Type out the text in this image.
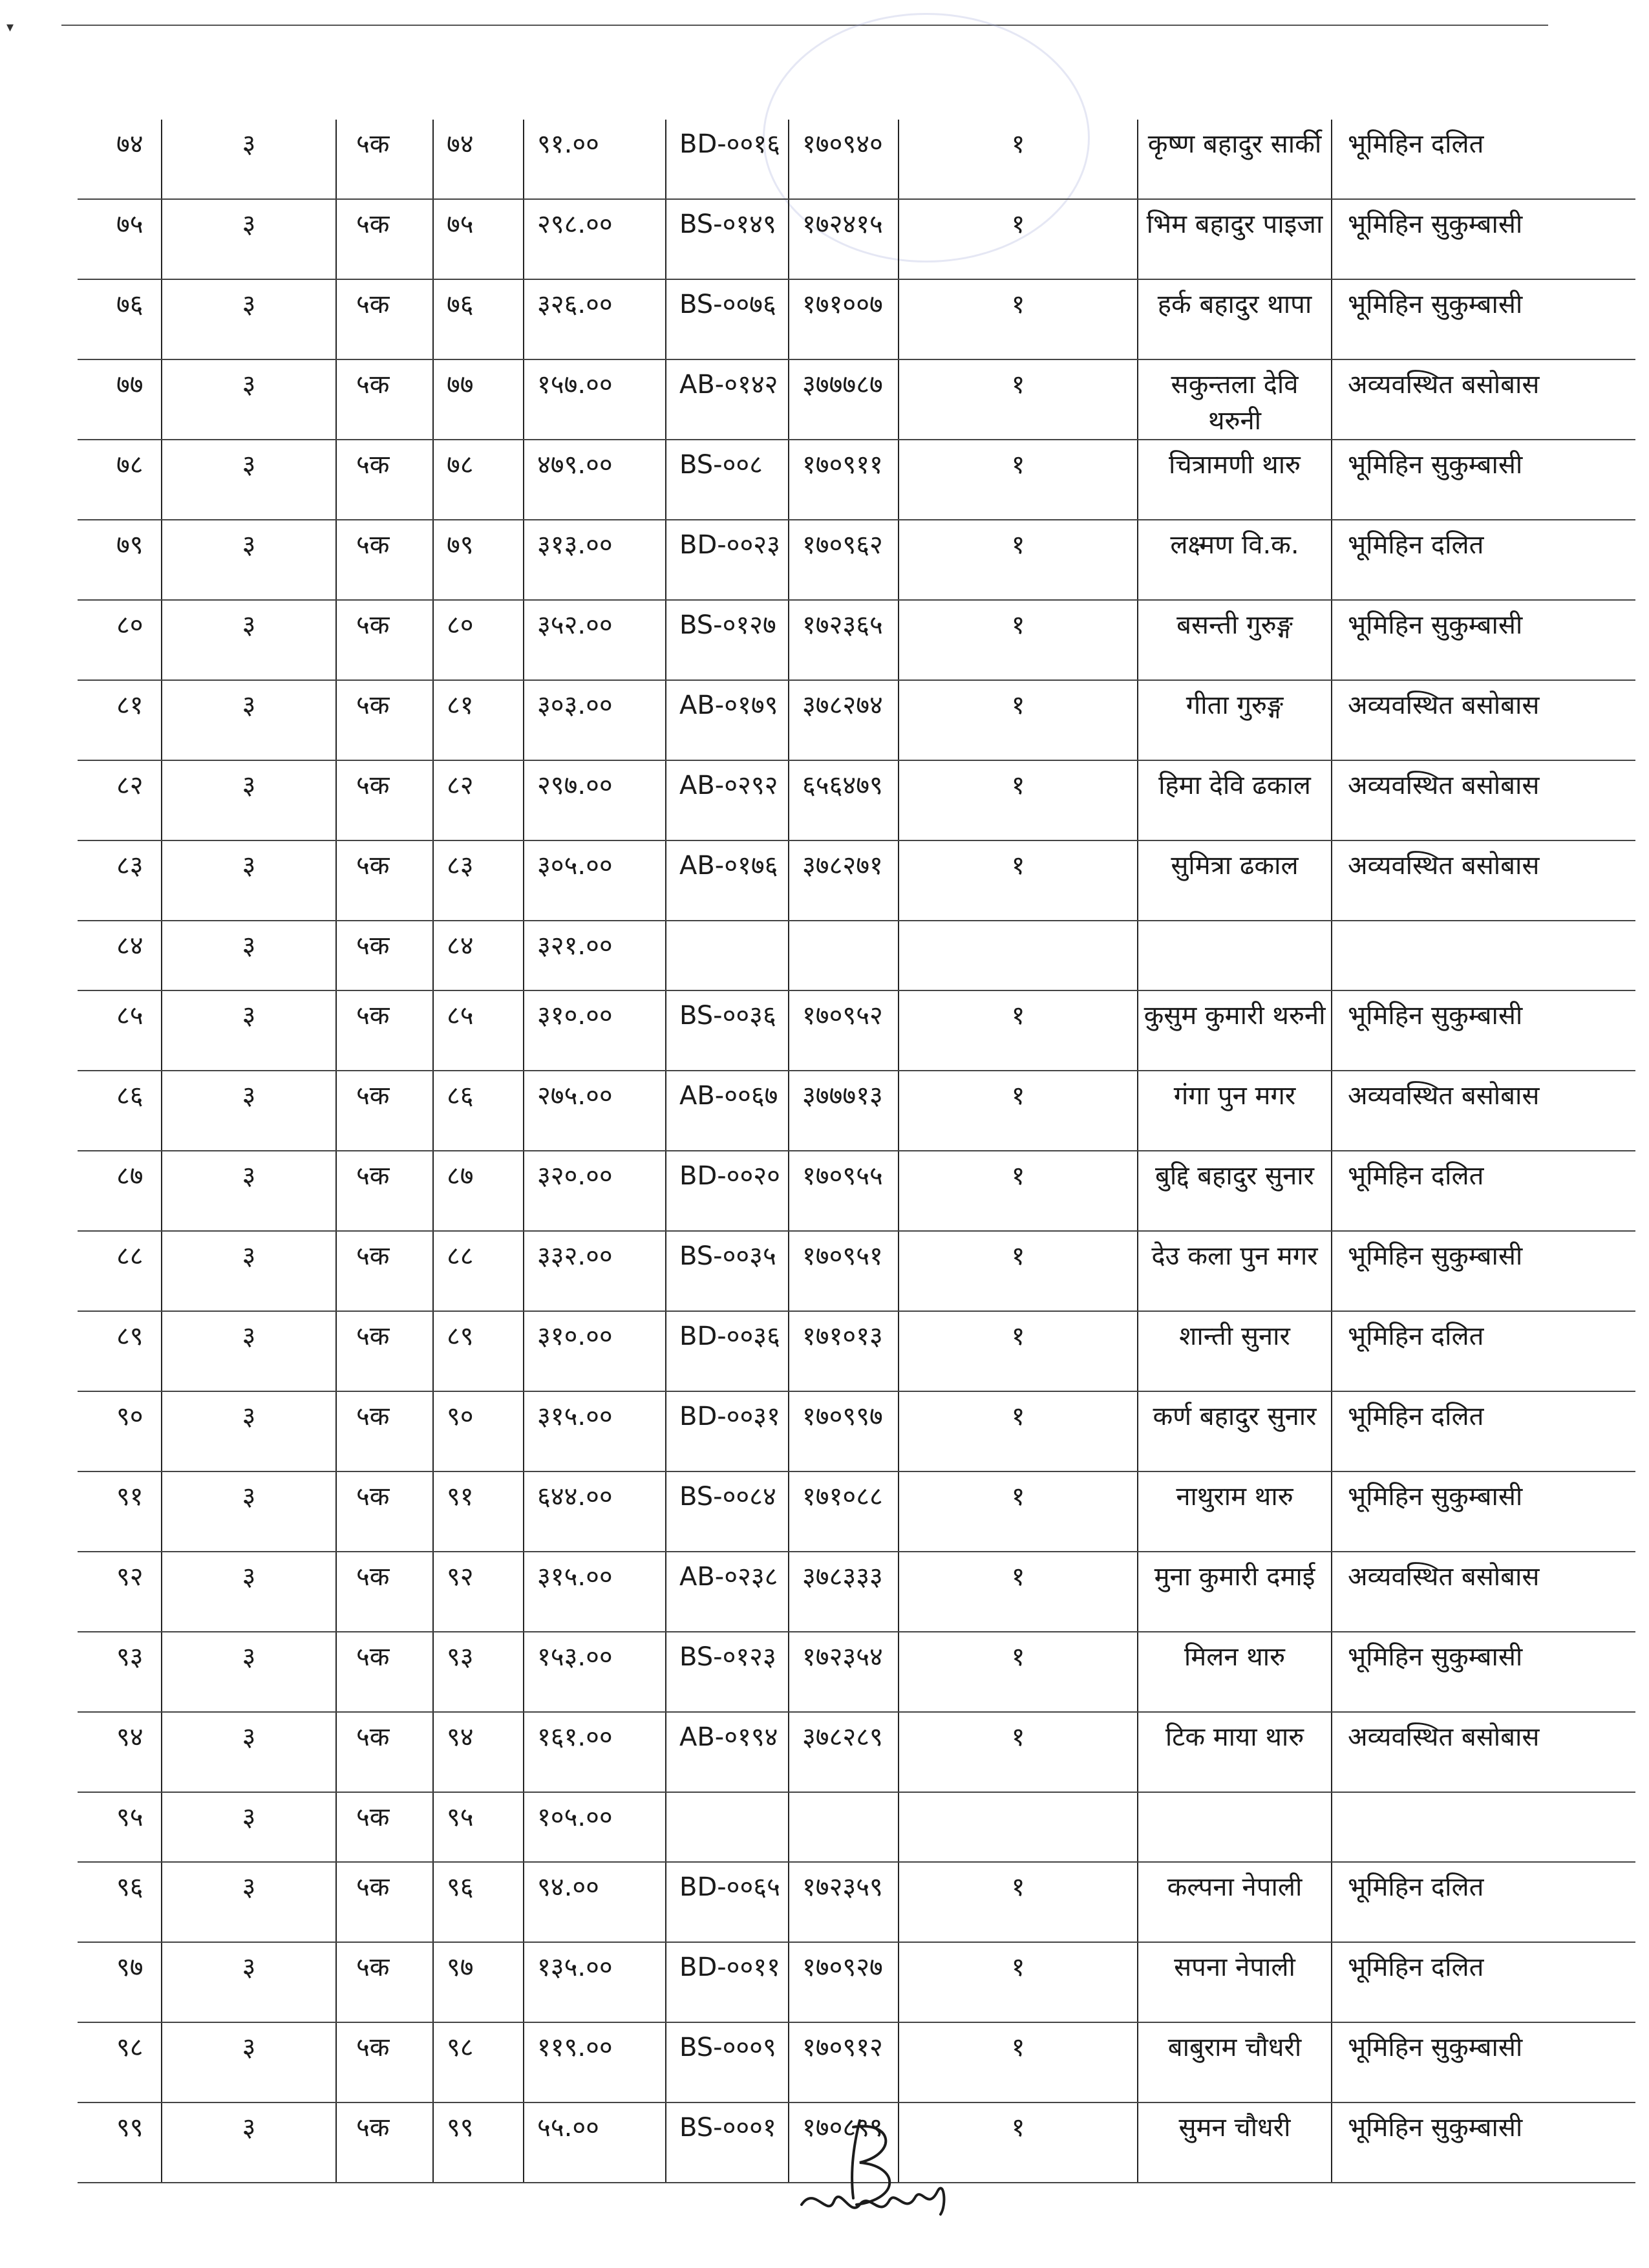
▾
७४	३	५क	७४	९१.००	BD-००१६	१७०९४०	१	कृष्ण बहादुर सार्की	भूमिहिन दलित
७५	३	५क	७५	२९८.००	BS-०१४९	१७२४१५	१	भिम बहादुर पाइजा	भूमिहिन सुकुम्बासी
७६	३	५क	७६	३२६.००	BS-००७६	१७१००७	१	हर्क बहादुर थापा	भूमिहिन सुकुम्बासी
७७	३	५क	७७	१५७.००	AB-०१४२	३७७७८७	१	सकुन्तला देवि थरुनी	अव्यवस्थित बसोबास
७८	३	५क	७८	४७९.००	BS-००८	१७०९११	१	चित्रामणी थारु	भूमिहिन सुकुम्बासी
७९	३	५क	७९	३१३.००	BD-००२३	१७०९६२	१	लक्ष्मण वि.क.	भूमिहिन दलित
८०	३	५क	८०	३५२.००	BS-०१२७	१७२३६५	१	बसन्ती गुरुङ्ग	भूमिहिन सुकुम्बासी
८१	३	५क	८१	३०३.००	AB-०१७९	३७८२७४	१	गीता गुरुङ्ग	अव्यवस्थित बसोबास
८२	३	५क	८२	२९७.००	AB-०२९२	६५६४७९	१	हिमा देवि ढकाल	अव्यवस्थित बसोबास
८३	३	५क	८३	३०५.००	AB-०१७६	३७८२७१	१	सुमित्रा ढकाल	अव्यवस्थित बसोबास
८४	३	५क	८४	३२१.००					
८५	३	५क	८५	३१०.००	BS-००३६	१७०९५२	१	कुसुम कुमारी थरुनी	भूमिहिन सुकुम्बासी
८६	३	५क	८६	२७५.००	AB-००६७	३७७७१३	१	गंगा पुन मगर	अव्यवस्थित बसोबास
८७	३	५क	८७	३२०.००	BD-००२०	१७०९५५	१	बुद्दि बहादुर सुनार	भूमिहिन दलित
८८	३	५क	८८	३३२.००	BS-००३५	१७०९५१	१	देउ कला पुन मगर	भूमिहिन सुकुम्बासी
८९	३	५क	८९	३१०.००	BD-००३६	१७१०१३	१	शान्ती सुनार	भूमिहिन दलित
९०	३	५क	९०	३१५.००	BD-००३१	१७०९९७	१	कर्ण बहादुर सुनार	भूमिहिन दलित
९१	३	५क	९१	६४४.००	BS-००८४	१७१०८८	१	नाथुराम थारु	भूमिहिन सुकुम्बासी
९२	३	५क	९२	३१५.००	AB-०२३८	३७८३३३	१	मुना कुमारी दमाई	अव्यवस्थित बसोबास
९३	३	५क	९३	१५३.००	BS-०१२३	१७२३५४	१	मिलन थारु	भूमिहिन सुकुम्बासी
९४	३	५क	९४	१६१.००	AB-०१९४	३७८२८९	१	टिक माया थारु	अव्यवस्थित बसोबास
९५	३	५क	९५	१०५.००					
९६	३	५क	९६	९४.००	BD-००६५	१७२३५९	१	कल्पना नेपाली	भूमिहिन दलित
९७	३	५क	९७	१३५.००	BD-००११	१७०९२७	१	सपना नेपाली	भूमिहिन दलित
९८	३	५क	९८	११९.००	BS-०००९	१७०९१२	१	बाबुराम चौधरी	भूमिहिन सुकुम्बासी
९९	३	५क	९९	५५.००	BS-०००१	१७०८९९	१	सुमन चौधरी	भूमिहिन सुकुम्बासी
